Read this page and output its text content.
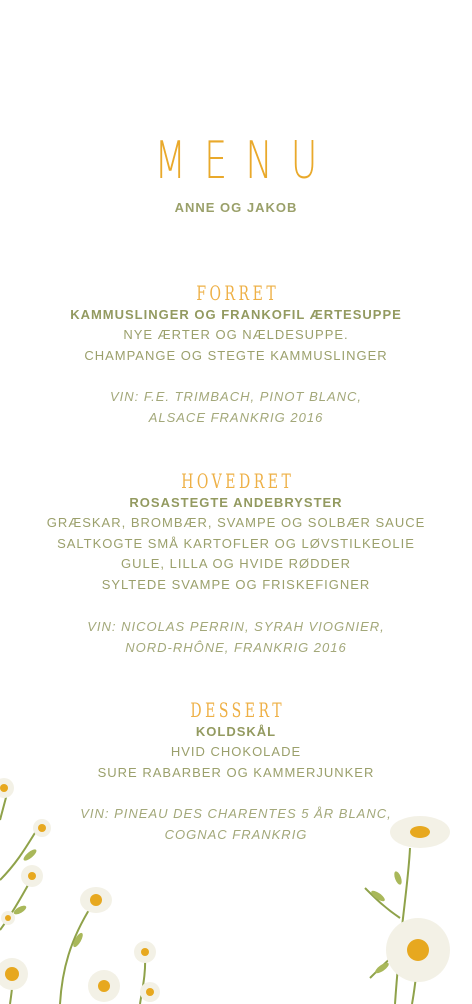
MENU
ANNE OG JAKOB
FORRET
KAMMUSLINGER OG FRANKOFIL ÆRTESUPPE
NYE ÆRTER OG NÆLDESUPPE.
CHAMPANGE OG STEGTE KAMMUSLINGER
VIN: F.E. TRIMBACH, PINOT BLANC,
ALSACE FRANKRIG 2016
HOVEDRET
ROSASTEGTE ANDEBRYSTER
GRÆSKAR, BROMBÆR, SVAMPE OG SOLBÆR SAUCE
SALTKOGTE SMÅ KARTOFLER OG LØVSTILKEOLIE
GULE, LILLA OG HVIDE RØDDER
SYLTEDE SVAMPE OG FRISKEFIGNER
VIN: NICOLAS PERRIN, SYRAH VIOGNIER,
NORD-RHÔNE, FRANKRIG 2016
DESSERT
KOLDSKÅL
HVID CHOKOLADE
SURE RABARBER OG KAMMERJUNKER
VIN: PINEAU DES CHARENTES 5 ÅR BLANC,
COGNAC FRANKRIG
